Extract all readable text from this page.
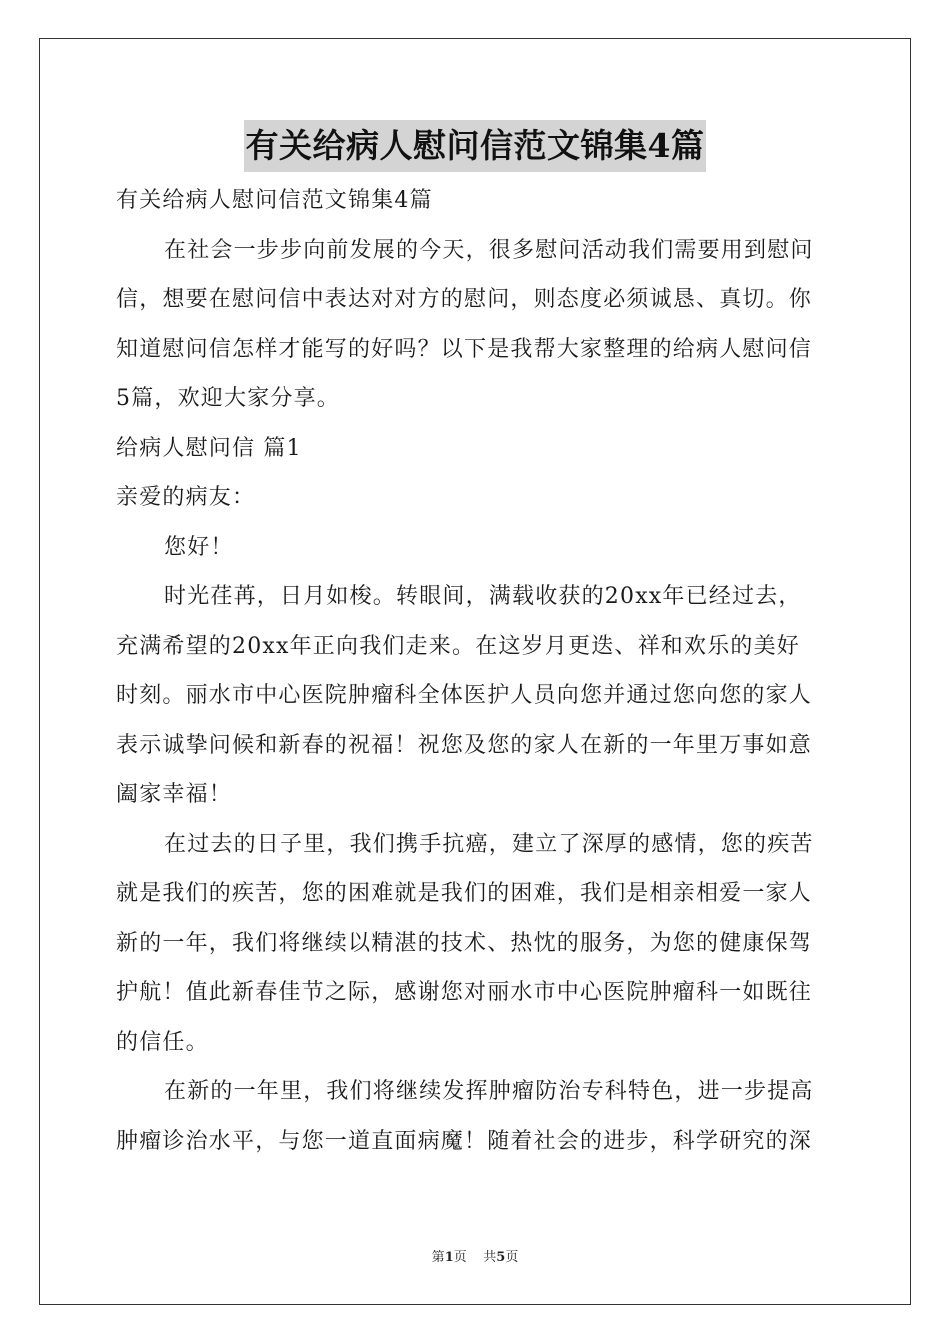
有关给病人慰问信范文锦集4篇

有关给病人慰问信范文锦集4篇

在社会一步步向前发展的今天，很多慰问活动我们需要用到慰问

信，想要在慰问信中表达对对方的慰问，则态度必须诚恳、真切。你

知道慰问信怎样才能写的好吗？以下是我帮大家整理的给病人慰问信

5篇，欢迎大家分享。

给病人慰问信 篇1

亲爱的病友：

您好！

时光荏苒，日月如梭。转眼间，满载收获的20xx年已经过去，

充满希望的20xx年正向我们走来。在这岁月更迭、祥和欢乐的美好

时刻。丽水市中心医院肿瘤科全体医护人员向您并通过您向您的家人

表示诚挚问候和新春的祝福！祝您及您的家人在新的一年里万事如意

阖家幸福！

在过去的日子里，我们携手抗癌，建立了深厚的感情，您的疾苦

就是我们的疾苦，您的困难就是我们的困难，我们是相亲相爱一家人

新的一年，我们将继续以精湛的技术、热忱的服务，为您的健康保驾

护航！值此新春佳节之际，感谢您对丽水市中心医院肿瘤科一如既往

的信任。

在新的一年里，我们将继续发挥肿瘤防治专科特色，进一步提高

肿瘤诊治水平，与您一道直面病魔！随着社会的进步，科学研究的深

第1页    共5页
